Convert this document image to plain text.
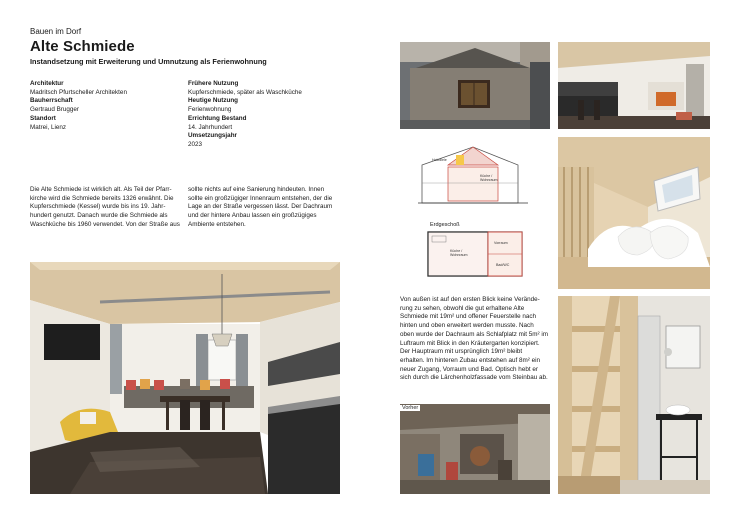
Bauen im Dorf
Alte Schmiede
Instandsetzung mit Erweiterung und Umnutzung als Ferienwohnung
Architektur
Madritsch Pfurtscheller Architekten
Bauherrschaft
Gertraud Brugger
Standort
Matrei, Lienz
Frühere Nutzung
Kupferschmiede, später als Waschküche
Heutige Nutzung
Ferienwohnung
Errichtung Bestand
14. Jahrhundert
Umsetzungsjahr
2023
Die Alte Schmiede ist wirklich alt. Als Teil der Pfarr-
kirche wird die Schmiede bereits 1326 erwähnt. Die
Kupferschmiede (Kessel) wurde bis ins 19. Jahr-
hundert genutzt. Danach wurde die Schmiede als
Waschküche bis 1960 verwendet. Von der Straße aus
sollte nichts auf eine Sanierung hindeuten. Innen
sollte ein großzügiger Innenraum entstehen, der die
Lage an der Straße vergessen lässt. Der Dachraum
und der hintere Anbau lassen ein großzügiges
Ambiente entstehen.
Holzdiele
Küche / Wohnraum
Erdgeschoß
Küche / Wohnraum
Vorraum
Bad/WC
Von außen ist auf den ersten Blick keine Verände-
rung zu sehen, obwohl die gut erhaltene Alte
Schmiede mit 19m² und offener Feuerstelle nach
hinten und oben erweitert werden musste. Nach
oben wurde der Dachraum als Schlafplatz mit 5m² im
Luftraum mit Blick in den Kräutergarten konzipiert.
Der Hauptraum mit ursprünglich 19m² bleibt
erhalten. Im hinteren Zubau entstehen auf 8m² ein
neuer Zugang, Vorraum und Bad. Optisch hebt er
sich durch die Lärchenholzfassade vom Steinbau ab.
Vorher
